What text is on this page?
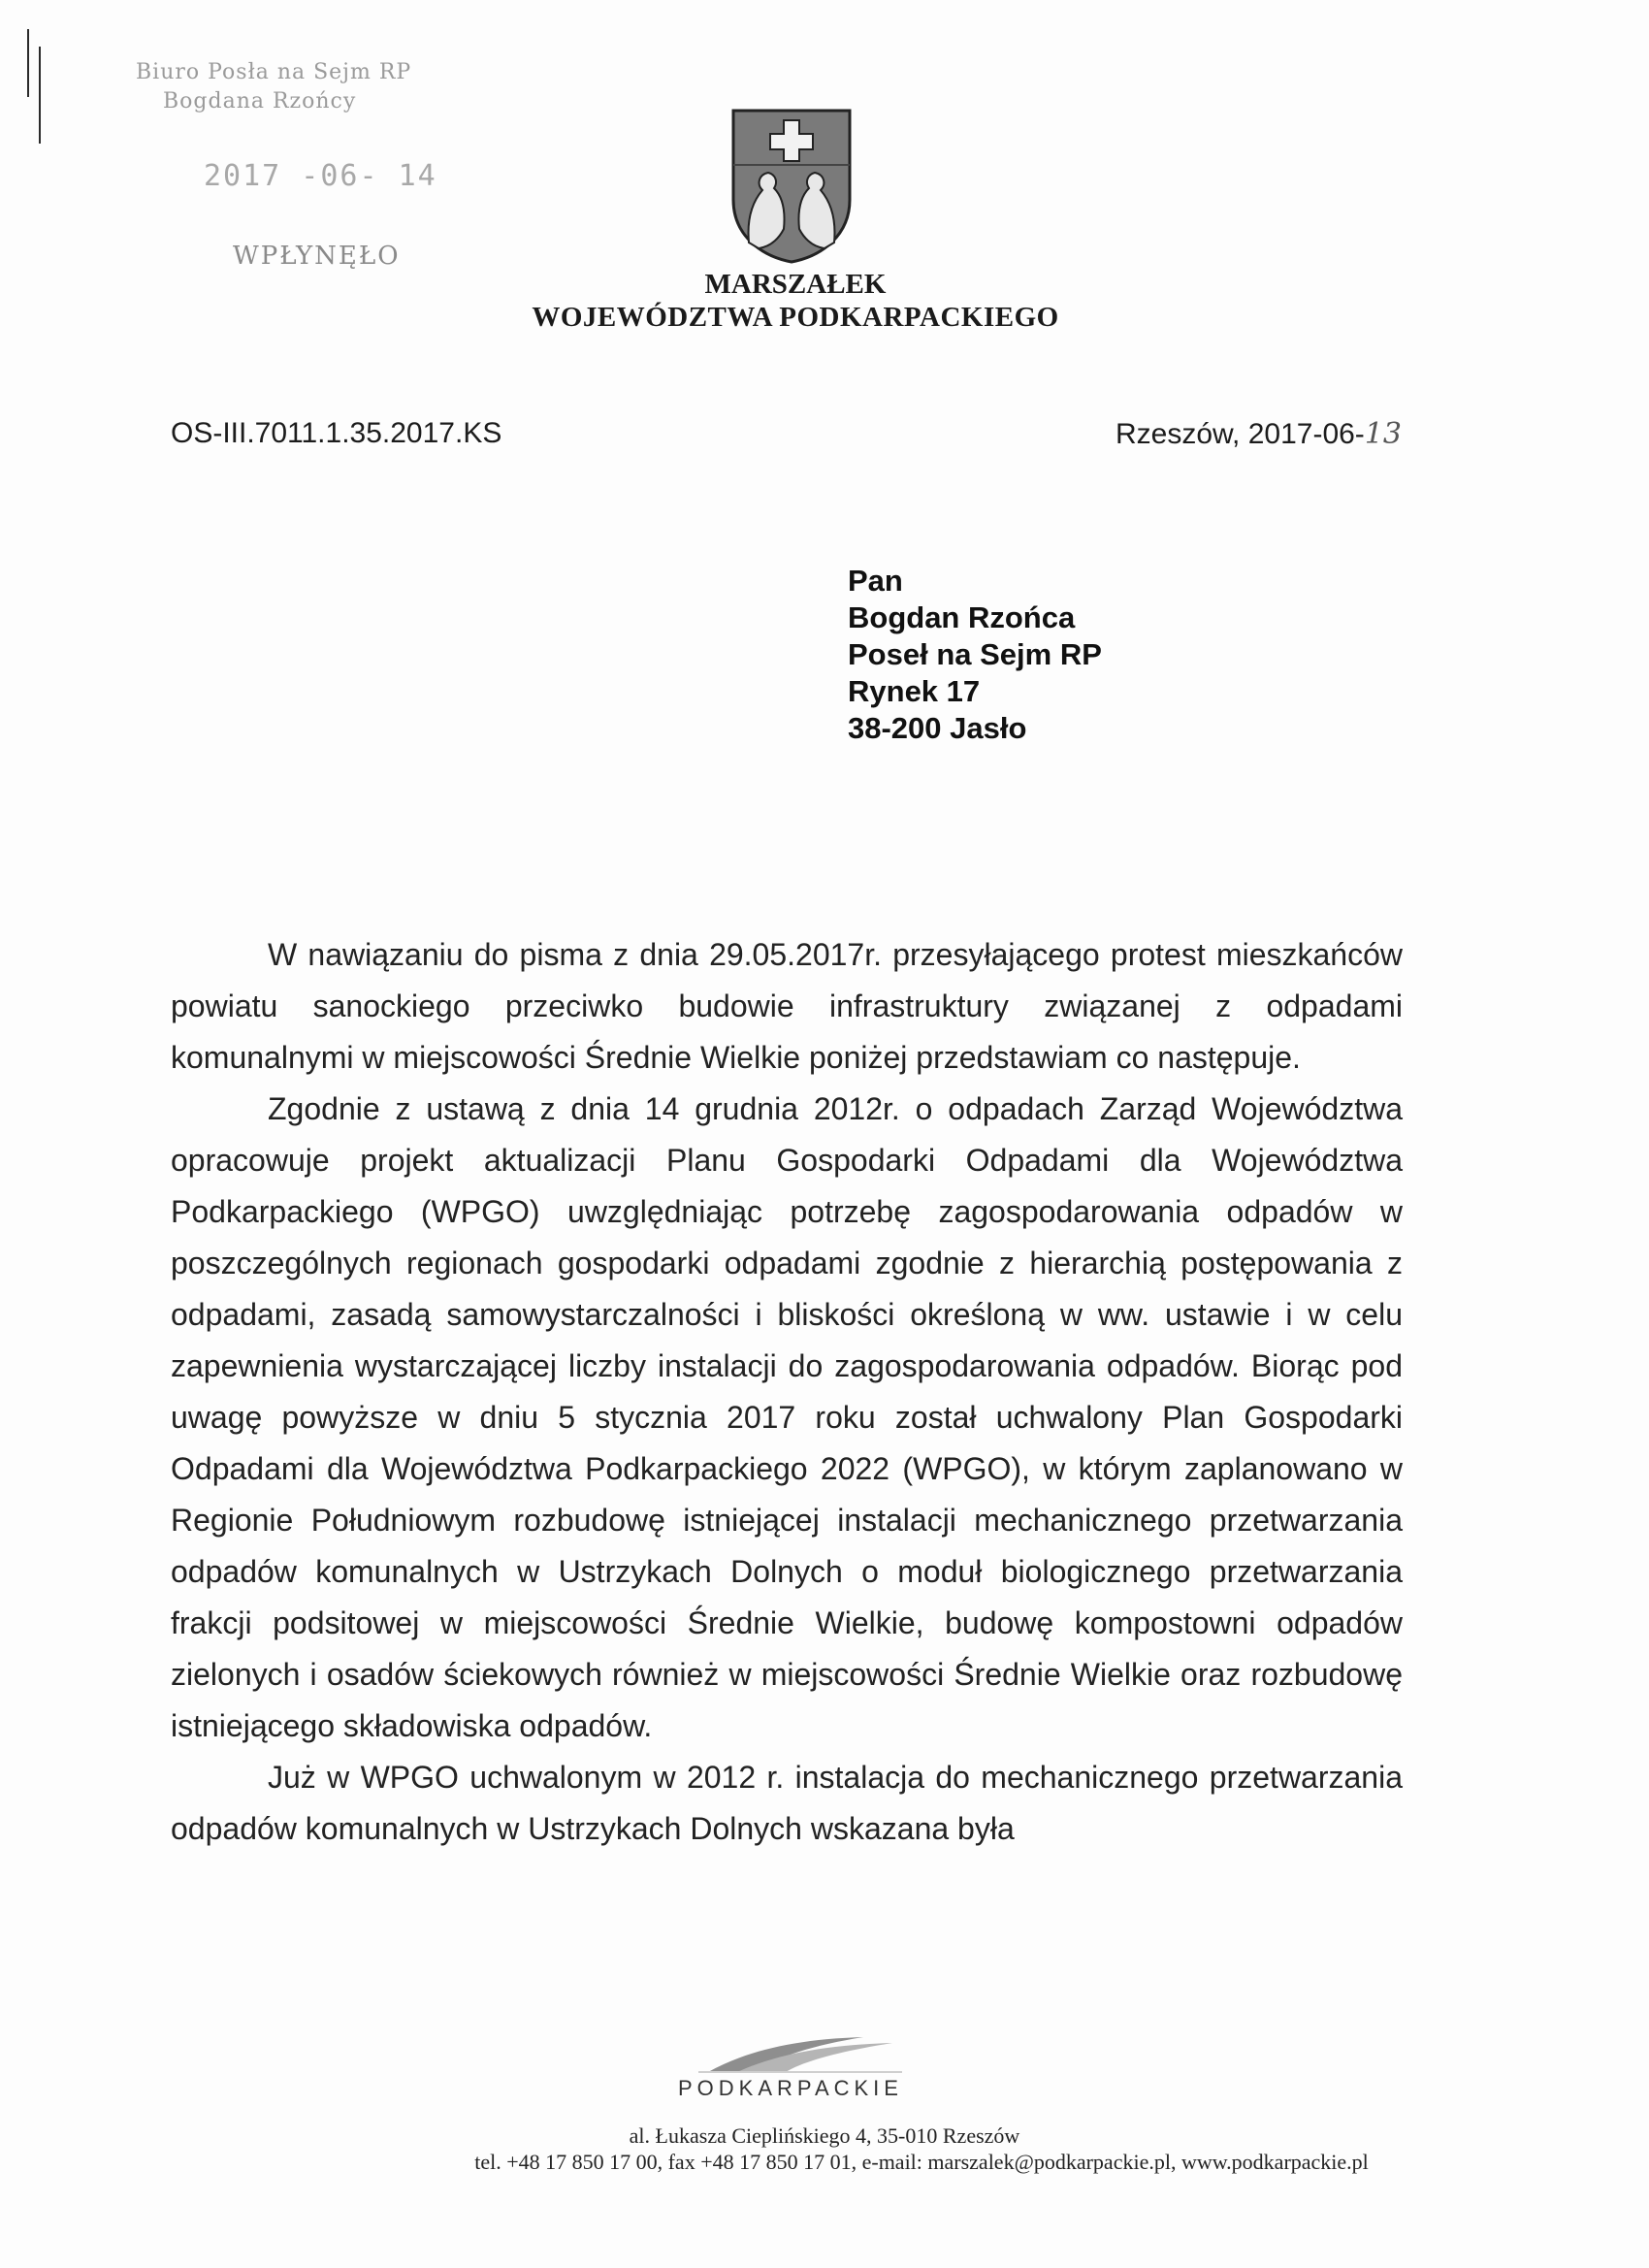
Biuro Posła na Sejm RP
Bogdana Rzońcy
2017 -06- 14
WPŁYNĘŁO
MARSZAŁEK
WOJEWÓDZTWA PODKARPACKIEGO
OS-III.7011.1.35.2017.KS	Rzeszów, 2017-06-13
Pan
Bogdan Rzońca
Poseł na Sejm RP
Rynek 17
38-200 Jasło

W nawiązaniu do pisma z dnia 29.05.2017r. przesyłającego protest mieszkańców powiatu sanockiego przeciwko budowie infrastruktury związanej z odpadami komunalnymi w miejscowości Średnie Wielkie poniżej przedstawiam co następuje.

Zgodnie z ustawą z dnia 14 grudnia 2012r. o odpadach Zarząd Województwa opracowuje projekt aktualizacji Planu Gospodarki Odpadami dla Województwa Podkarpackiego (WPGO) uwzględniając potrzebę zagospodarowania odpadów w poszczególnych regionach gospodarki odpadami zgodnie z hierarchią postępowania z odpadami, zasadą samowystarczalności i bliskości określoną w ww. ustawie i w celu zapewnienia wystarczającej liczby instalacji do zagospodarowania odpadów. Biorąc pod uwagę powyższe w dniu 5 stycznia 2017 roku został uchwalony Plan Gospodarki Odpadami dla Województwa Podkarpackiego 2022 (WPGO), w którym zaplanowano w Regionie Południowym rozbudowę istniejącej instalacji mechanicznego przetwarzania odpadów komunalnych w Ustrzykach Dolnych o moduł biologicznego przetwarzania frakcji podsitowej w miejscowości Średnie Wielkie, budowę kompostowni odpadów zielonych i osadów ściekowych również w miejscowości Średnie Wielkie oraz rozbudowę istniejącego składowiska odpadów.

Już w WPGO uchwalonym w 2012 r. instalacja do mechanicznego przetwarzania odpadów komunalnych w Ustrzykach Dolnych wskazana była

PODKARPACKIE
al. Łukasza Cieplińskiego 4, 35-010 Rzeszów
tel. +48 17 850 17 00, fax +48 17 850 17 01, e-mail: marszalek@podkarpackie.pl, www.podkarpackie.pl
